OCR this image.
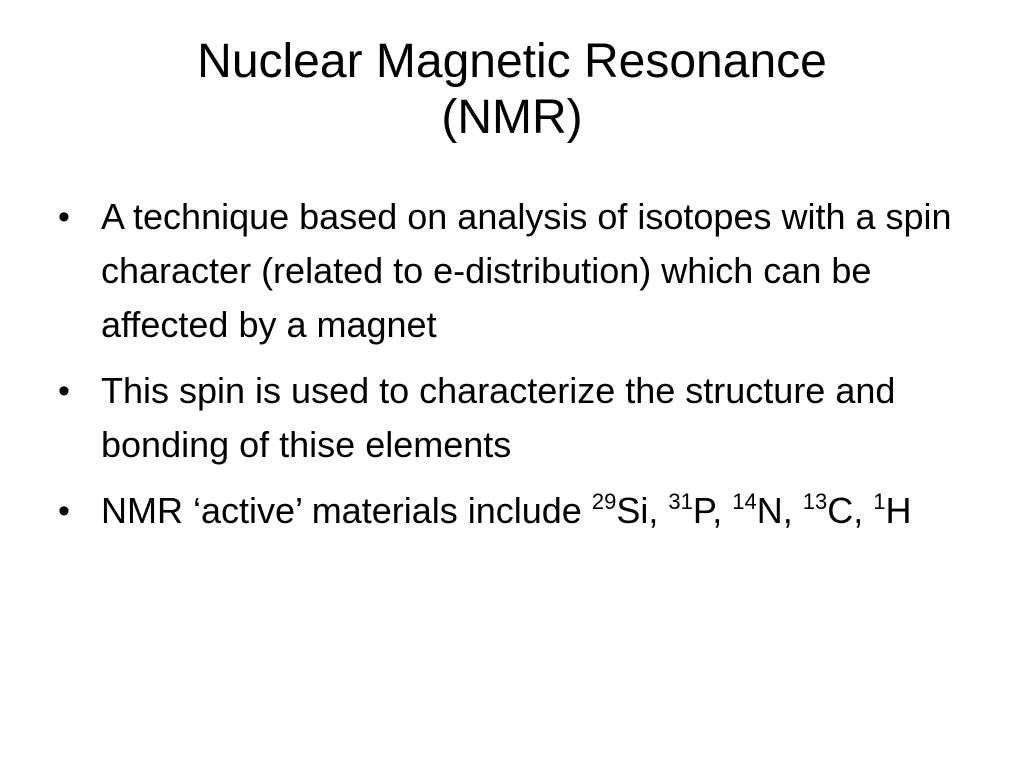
Nuclear Magnetic Resonance
(NMR)
• A technique based on analysis of isotopes with a spin character (related to e-distribution) which can be affected by a magnet
• This spin is used to characterize the structure and bonding of thise elements
• NMR ‘active’ materials include $^{29}$Si, $^{31}$P, $^{14}$N, $^{13}$C, $^1$H
